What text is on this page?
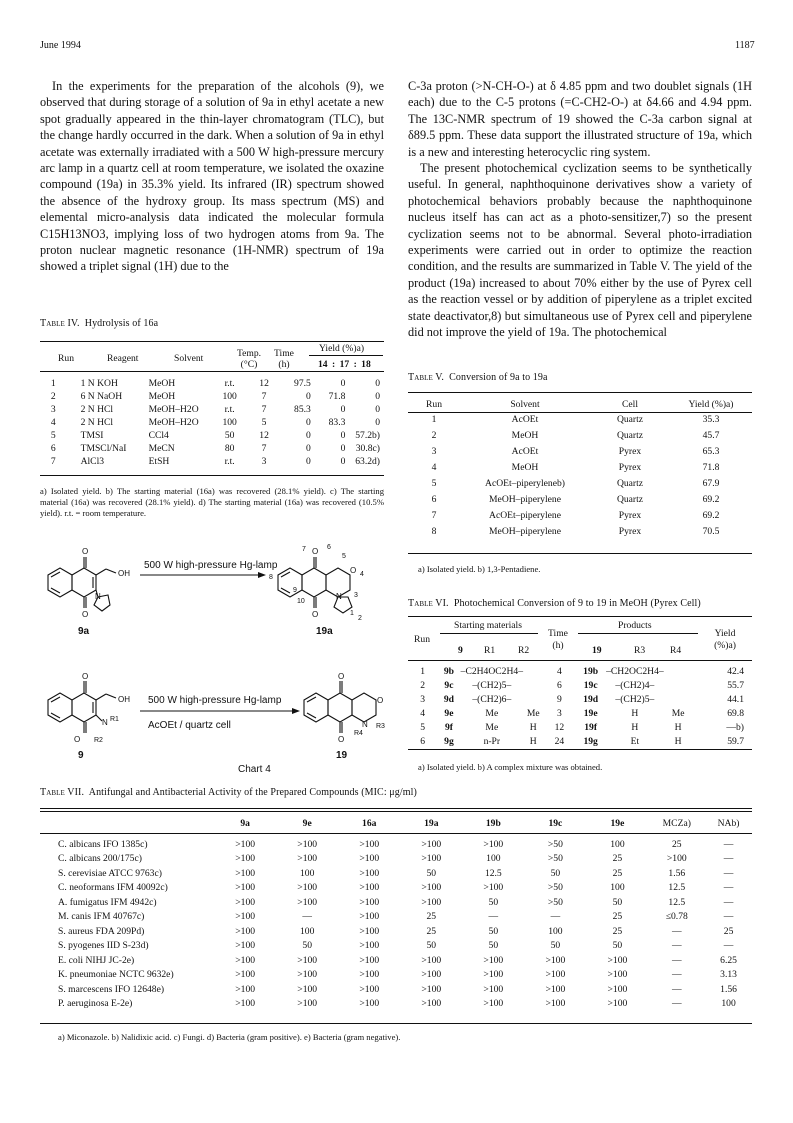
June 1994	1187

In the experiments for the preparation of the alcohols (9), we observed that during storage of a solution of 9a in ethyl acetate a new spot gradually appeared in the thin-layer chromatogram (TLC), but the change hardly occurred in the dark. When a solution of 9a in ethyl acetate was externally irradiated with a 500 W high-pressure mercury arc lamp in a quartz cell at room temperature, we isolated the oxazine compound (19a) in 35.3% yield. Its infrared (IR) spectrum showed the absence of the hydroxy group. Its mass spectrum (MS) and elemental micro-analysis data indicated the molecular formula C15H13NO3, implying loss of two hydrogen atoms from 9a. The proton nuclear magnetic resonance (1H-NMR) spectrum of 19a showed a triplet signal (1H) due to the

C-3a proton (>N-CH-O-) at δ 4.85 ppm and two doublet signals (1H each) due to the C-5 protons (=C-CH2-O-) at δ4.66 and 4.94 ppm. The 13C-NMR spectrum of 19 showed the C-3a carbon signal at δ89.5 ppm. These data support the illustrated structure of 19a, which is a new and interesting heterocyclic ring system.

The present photochemical cyclization seems to be synthetically useful. In general, naphthoquinone derivatives show a variety of photochemical behaviors probably because the naphthoquinone nucleus itself has can act as a photo-sensitizer,7) so the present cyclization seems not to be abnormal. Several photo-irradiation experiments were carried out in order to optimize the reaction condition, and the results are summarized in Table V. The yield of the product (19a) increased to about 70% either by the use of Pyrex cell as the reaction vessel or by addition of piperylene as a triplet excited state deactivator,8) but simultaneous use of Pyrex cell and piperylene did not improve the yield of 19a. The photochemical

Table IV. Hydrolysis of 16a
Run	Reagent	Solvent	Temp. (°C)
Time (h)
Yield (%)a)
14 : 17 : 18
1	1 N KOH	MeOH	r.t.	12	97.5	0	0
2	6 N NaOH	MeOH	100	7	0	71.8	0
3	2 N HCl	MeOH–H2O	r.t.	7	85.3	0	0
4	2 N HCl	MeOH–H2O	100	5	0	83.3	0
5	TMSI	CCl4	50	12	0	0	57.2b)
6	TMSCl/NaI	MeCN	80	7	0	0	30.8c)
7	AlCl3	EtSH	r.t.	3	0	0	63.2d)
a) Isolated yield. b) The starting material (16a) was recovered (28.1% yield). c) The starting material (16a) was recovered (28.1% yield). d) The starting material (16a) was recovered (10.5% yield). r.t. = room temperature.
Table V. Conversion of 9a to 19a
Run	Solvent	Cell	Yield (%)a)
1	AcOEt	Quartz	35.3
2	MeOH	Quartz	45.7
3	AcOEt	Pyrex	65.3
4	MeOH	Pyrex	71.8
5	AcOEt–piperyleneb)	Quartz	67.9
6	MeOH–piperylene	Quartz	69.2
7	AcOEt–piperylene	Pyrex	69.2
8	MeOH–piperylene	Pyrex	70.5
a) Isolated yield. b) 1,3-Pentadiene.
Table VI. Photochemical Conversion of 9 to 19 in MeOH (Pyrex Cell)
Starting materials	Products
Run
9 R1 R2
Time (h)	19	R3	R4
Yield (%)a)
1	9b	–C2H4OC2H4–		4	19b	–CH2OC2H4–		42.4
2	9c	–(CH2)5–		6	19c	–(CH2)4–		55.7
3	9d	–(CH2)6–		9	19d	–(CH2)5–		44.1
4	9e	Me	Me	3	19e	H	Me	69.8
5	9f	Me	H	12	19f	H	H	—b)
6	9g	n-Pr	H	24	19g	Et	H	59.7
a) Isolated yield. b) A complex mixture was obtained.
O
O
OH
N
9a
500 W high-pressure Hg-lamp
O
O
O
N
7	6
5
4
8
9
10
3
1
2
19a
O
O
OH
N R1
R2
9
500 W high-pressure Hg-lamp
AcOEt / quartz cell
O
O
O
N R3
R4
19
Chart 4
Table VII. Antifungal and Antibacterial Activity of the Prepared Compounds (MIC: μg/ml)
	9a	9e	16a	19a	19b	19c	19e	MCZa)	NAb)

C. albicans IFO 1385c)	>100	>100	>100	>100	>100	>50	100	25	—
C. albicans 200/175c)	>100	>100	>100	>100	100	>50	25	>100	—
S. cerevisiae ATCC 9763c)	>100	100	>100	50	12.5	50	25	1.56	—
C. neoformans IFM 40092c)	>100	>100	>100	>100	>100	>50	100	12.5	—
A. fumigatus IFM 4942c)	>100	>100	>100	>100	50	>50	50	12.5	—
M. canis IFM 40767c)	>100	—	>100	25	—	—	25	≤0.78	—
S. aureus FDA 209Pd)	>100	100	>100	25	50	100	25	—	25
S. pyogenes IID S-23d)	>100	50	>100	50	50	50	50	—	—
E. coli NIHJ JC-2e)	>100	>100	>100	>100	>100	>100	>100	—	6.25
K. pneumoniae NCTC 9632e)	>100	>100	>100	>100	>100	>100	>100	—	3.13
S. marcescens IFO 12648e)	>100	>100	>100	>100	>100	>100	>100	—	1.56
P. aeruginosa E-2e)	>100	>100	>100	>100	>100	>100	>100	—	100
a) Miconazole. b) Nalidixic acid. c) Fungi. d) Bacteria (gram positive). e) Bacteria (gram negative).
